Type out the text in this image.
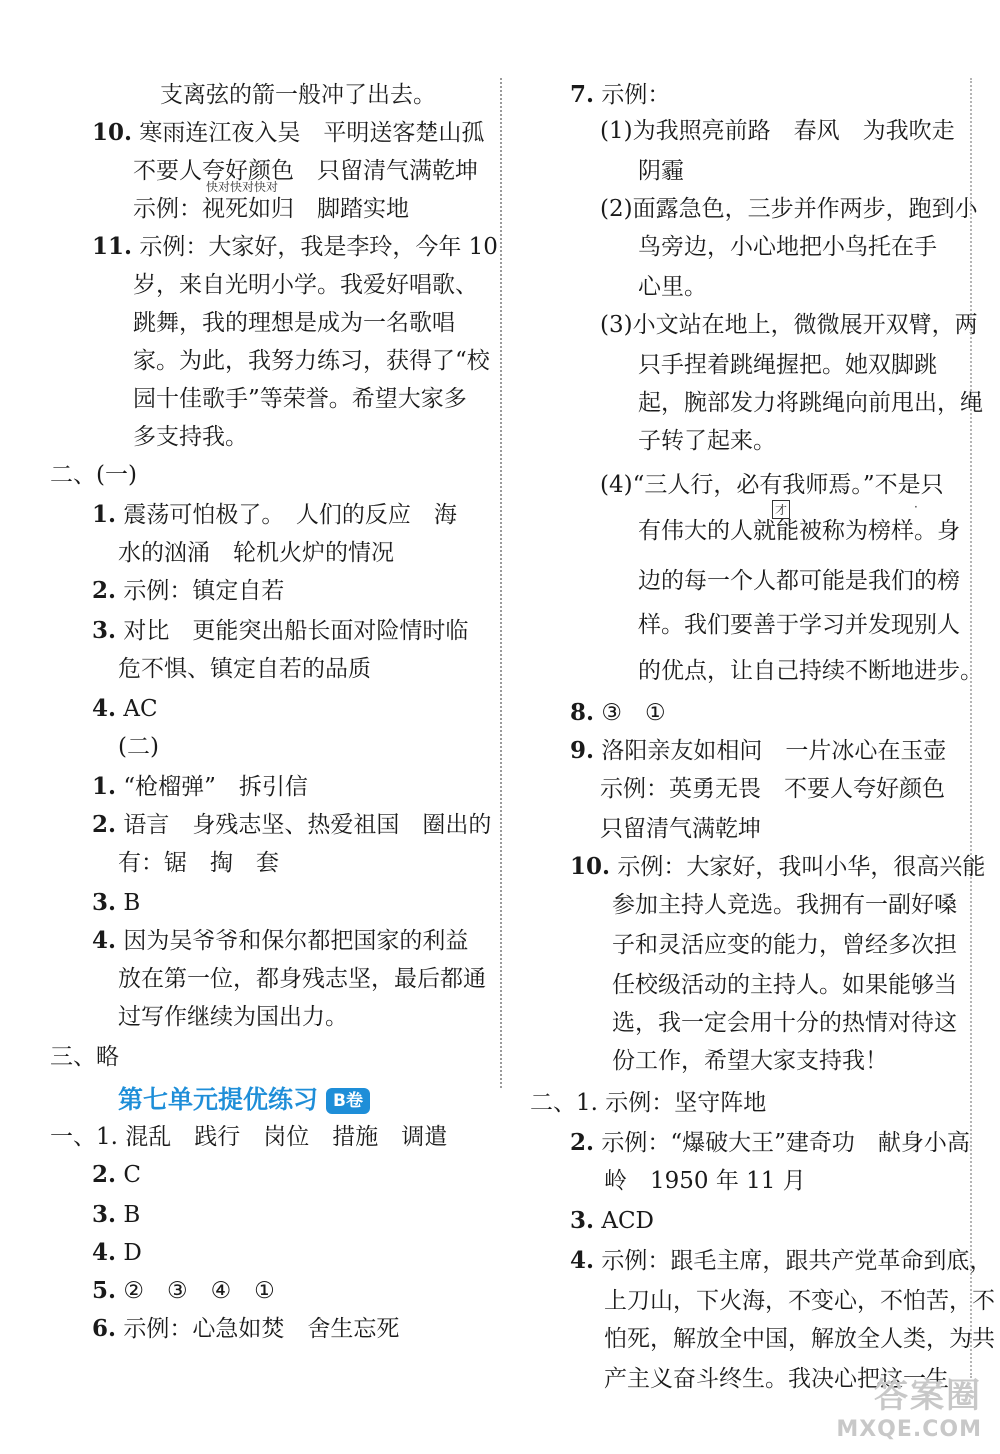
支离弦的箭一般冲了出去。
10. 寒雨连江夜入吴　平明送客楚山孤
不要人夸好颜色　只留清气满乾坤
示例：视死如归　脚踏实地
11. 示例：大家好，我是李玲，今年 10
岁，来自光明小学。我爱好唱歌、
跳舞，我的理想是成为一名歌唱
家。为此，我努力练习，获得了“校
园十佳歌手”等荣誉。希望大家多
多支持我。
二、(一)
1. 震荡可怕极了。　人们的反应　海
水的汹涌　轮机火炉的情况
2. 示例：镇定自若
3. 对比　更能突出船长面对险情时临
危不惧、镇定自若的品质
4. AC
(二)
1. “枪榴弹”　拆引信
2. 语言　身残志坚、热爱祖国　圈出的
有：锯　掏　套
3. B
4. 因为吴爷爷和保尔都把国家的利益
放在第一位，都身残志坚，最后都通
过写作继续为国出力。
三、略
一、1. 混乱　践行　岗位　措施　调遣
2. C
3. B
4. D
5. ②　③　④　①
6. 示例：心急如焚　舍生忘死
7. 示例：
(1)为我照亮前路　春风　为我吹走
阴霾
(2)面露急色，三步并作两步，跑到小
鸟旁边，小心地把小鸟托在手
心里。
(3)小文站在地上，微微展开双臂，两
只手捏着跳绳握把。她双脚跳
起，腕部发力将跳绳向前甩出，绳
子转了起来。
(4)“三人行，必有我师焉。”不是只
有伟大的人就能被称为榜样。身
边的每一个人都可能是我们的榜
样。我们要善于学习并发现别人
的优点，让自己持续不断地进步。
8. ③　①
9. 洛阳亲友如相问　一片冰心在玉壶
示例：英勇无畏　不要人夸好颜色
只留清气满乾坤
10. 示例：大家好，我叫小华，很高兴能
参加主持人竞选。我拥有一副好嗓
子和灵活应变的能力，曾经多次担
任校级活动的主持人。如果能够当
选，我一定会用十分的热情对待这
份工作，希望大家支持我！
二、1. 示例：坚守阵地
2. 示例：“爆破大王”建奇功　献身小高
岭　1950 年 11 月
3. ACD
4. 示例：跟毛主席，跟共产党革命到底，
上刀山，下火海，不变心，不怕苦，不
怕死，解放全中国，解放全人类，为共
产主义奋斗终生。我决心把这一生
第七单元提优练习 B卷
快对快对快对
才	·
答案圈
MXQE.COM
